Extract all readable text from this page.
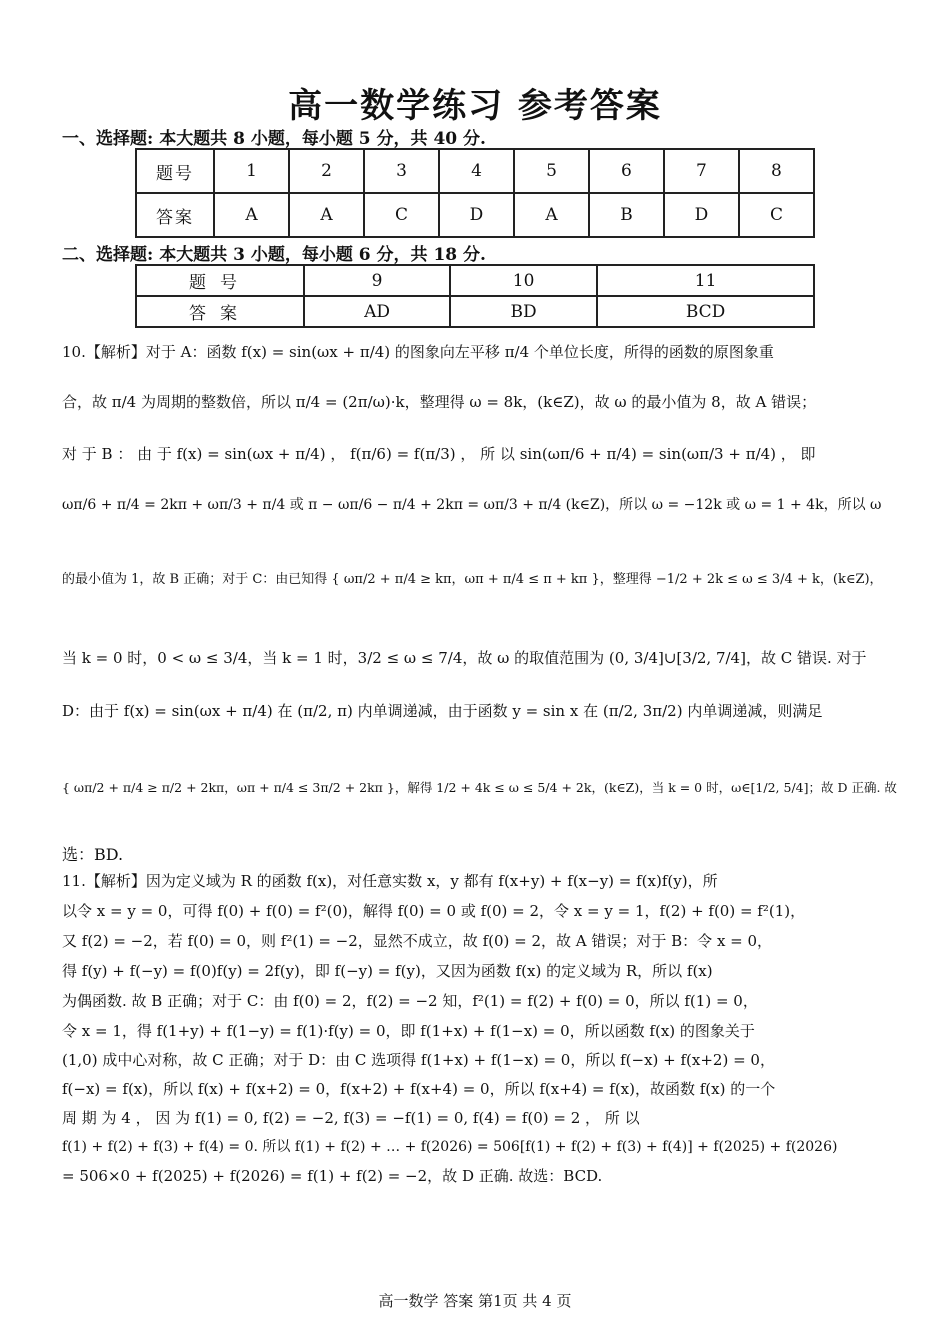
高一数学练习 参考答案
一、选择题: 本大题共 8 小题，每小题 5 分，共 40 分.
题号	1	2	3	4	5	6	7	8
答案	A	A	C	D	A	B	D	C
二、选择题: 本大题共 3 小题，每小题 6 分，共 18 分.
题号	9	10	11
答案	AD	BD	BCD
10.【解析】对于 A：函数 f(x) = sin(ωx + π/4) 的图象向左平移 π/4 个单位长度，所得的函数的原图象重
合，故 π/4 为周期的整数倍，所以 π/4 = (2π/ω)·k，整理得 ω = 8k，(k∈Z)，故 ω 的最小值为 8，故 A 错误；
对 于 B ： 由 于 f(x) = sin(ωx + π/4) ， f(π/6) = f(π/3) ， 所 以 sin(ωπ/6 + π/4) = sin(ωπ/3 + π/4) ， 即
ωπ/6 + π/4 = 2kπ + ωπ/3 + π/4 或 π − ωπ/6 − π/4 + 2kπ = ωπ/3 + π/4 (k∈Z)，所以 ω = −12k 或 ω = 1 + 4k，所以 ω
的最小值为 1，故 B 正确；对于 C：由已知得 { ωπ/2 + π/4 ≥ kπ，ωπ + π/4 ≤ π + kπ }，整理得 −1/2 + 2k ≤ ω ≤ 3/4 + k，(k∈Z)，
当 k = 0 时，0 < ω ≤ 3/4，当 k = 1 时，3/2 ≤ ω ≤ 7/4，故 ω 的取值范围为 (0, 3/4]∪[3/2, 7/4]，故 C 错误. 对于
D：由于 f(x) = sin(ωx + π/4) 在 (π/2, π) 内单调递减，由于函数 y = sin x 在 (π/2, 3π/2) 内单调递减，则满足
{ ωπ/2 + π/4 ≥ π/2 + 2kπ，ωπ + π/4 ≤ 3π/2 + 2kπ }，解得 1/2 + 4k ≤ ω ≤ 5/4 + 2k，(k∈Z)，当 k = 0 时，ω∈[1/2, 5/4]；故 D 正确. 故
选：BD.
11.【解析】因为定义域为 R 的函数 f(x)，对任意实数 x，y 都有 f(x+y) + f(x−y) = f(x)f(y)，所
以令 x = y = 0，可得 f(0) + f(0) = f²(0)，解得 f(0) = 0 或 f(0) = 2，令 x = y = 1，f(2) + f(0) = f²(1)，
又 f(2) = −2，若 f(0) = 0，则 f²(1) = −2，显然不成立，故 f(0) = 2，故 A 错误；对于 B：令 x = 0，
得 f(y) + f(−y) = f(0)f(y) = 2f(y)，即 f(−y) = f(y)，又因为函数 f(x) 的定义域为 R，所以 f(x)
为偶函数. 故 B 正确；对于 C：由 f(0) = 2，f(2) = −2 知，f²(1) = f(2) + f(0) = 0，所以 f(1) = 0，
令 x = 1，得 f(1+y) + f(1−y) = f(1)·f(y) = 0，即 f(1+x) + f(1−x) = 0，所以函数 f(x) 的图象关于
(1,0) 成中心对称，故 C 正确；对于 D：由 C 选项得 f(1+x) + f(1−x) = 0，所以 f(−x) + f(x+2) = 0，
f(−x) = f(x)，所以 f(x) + f(x+2) = 0，f(x+2) + f(x+4) = 0，所以 f(x+4) = f(x)，故函数 f(x) 的一个
周 期 为 4 ， 因 为 f(1) = 0, f(2) = −2, f(3) = −f(1) = 0, f(4) = f(0) = 2 ， 所 以
f(1) + f(2) + f(3) + f(4) = 0. 所以 f(1) + f(2) + … + f(2026) = 506[f(1) + f(2) + f(3) + f(4)] + f(2025) + f(2026)
= 506×0 + f(2025) + f(2026) = f(1) + f(2) = −2，故 D 正确. 故选：BCD.
高一数学 答案 第1页 共 4 页
